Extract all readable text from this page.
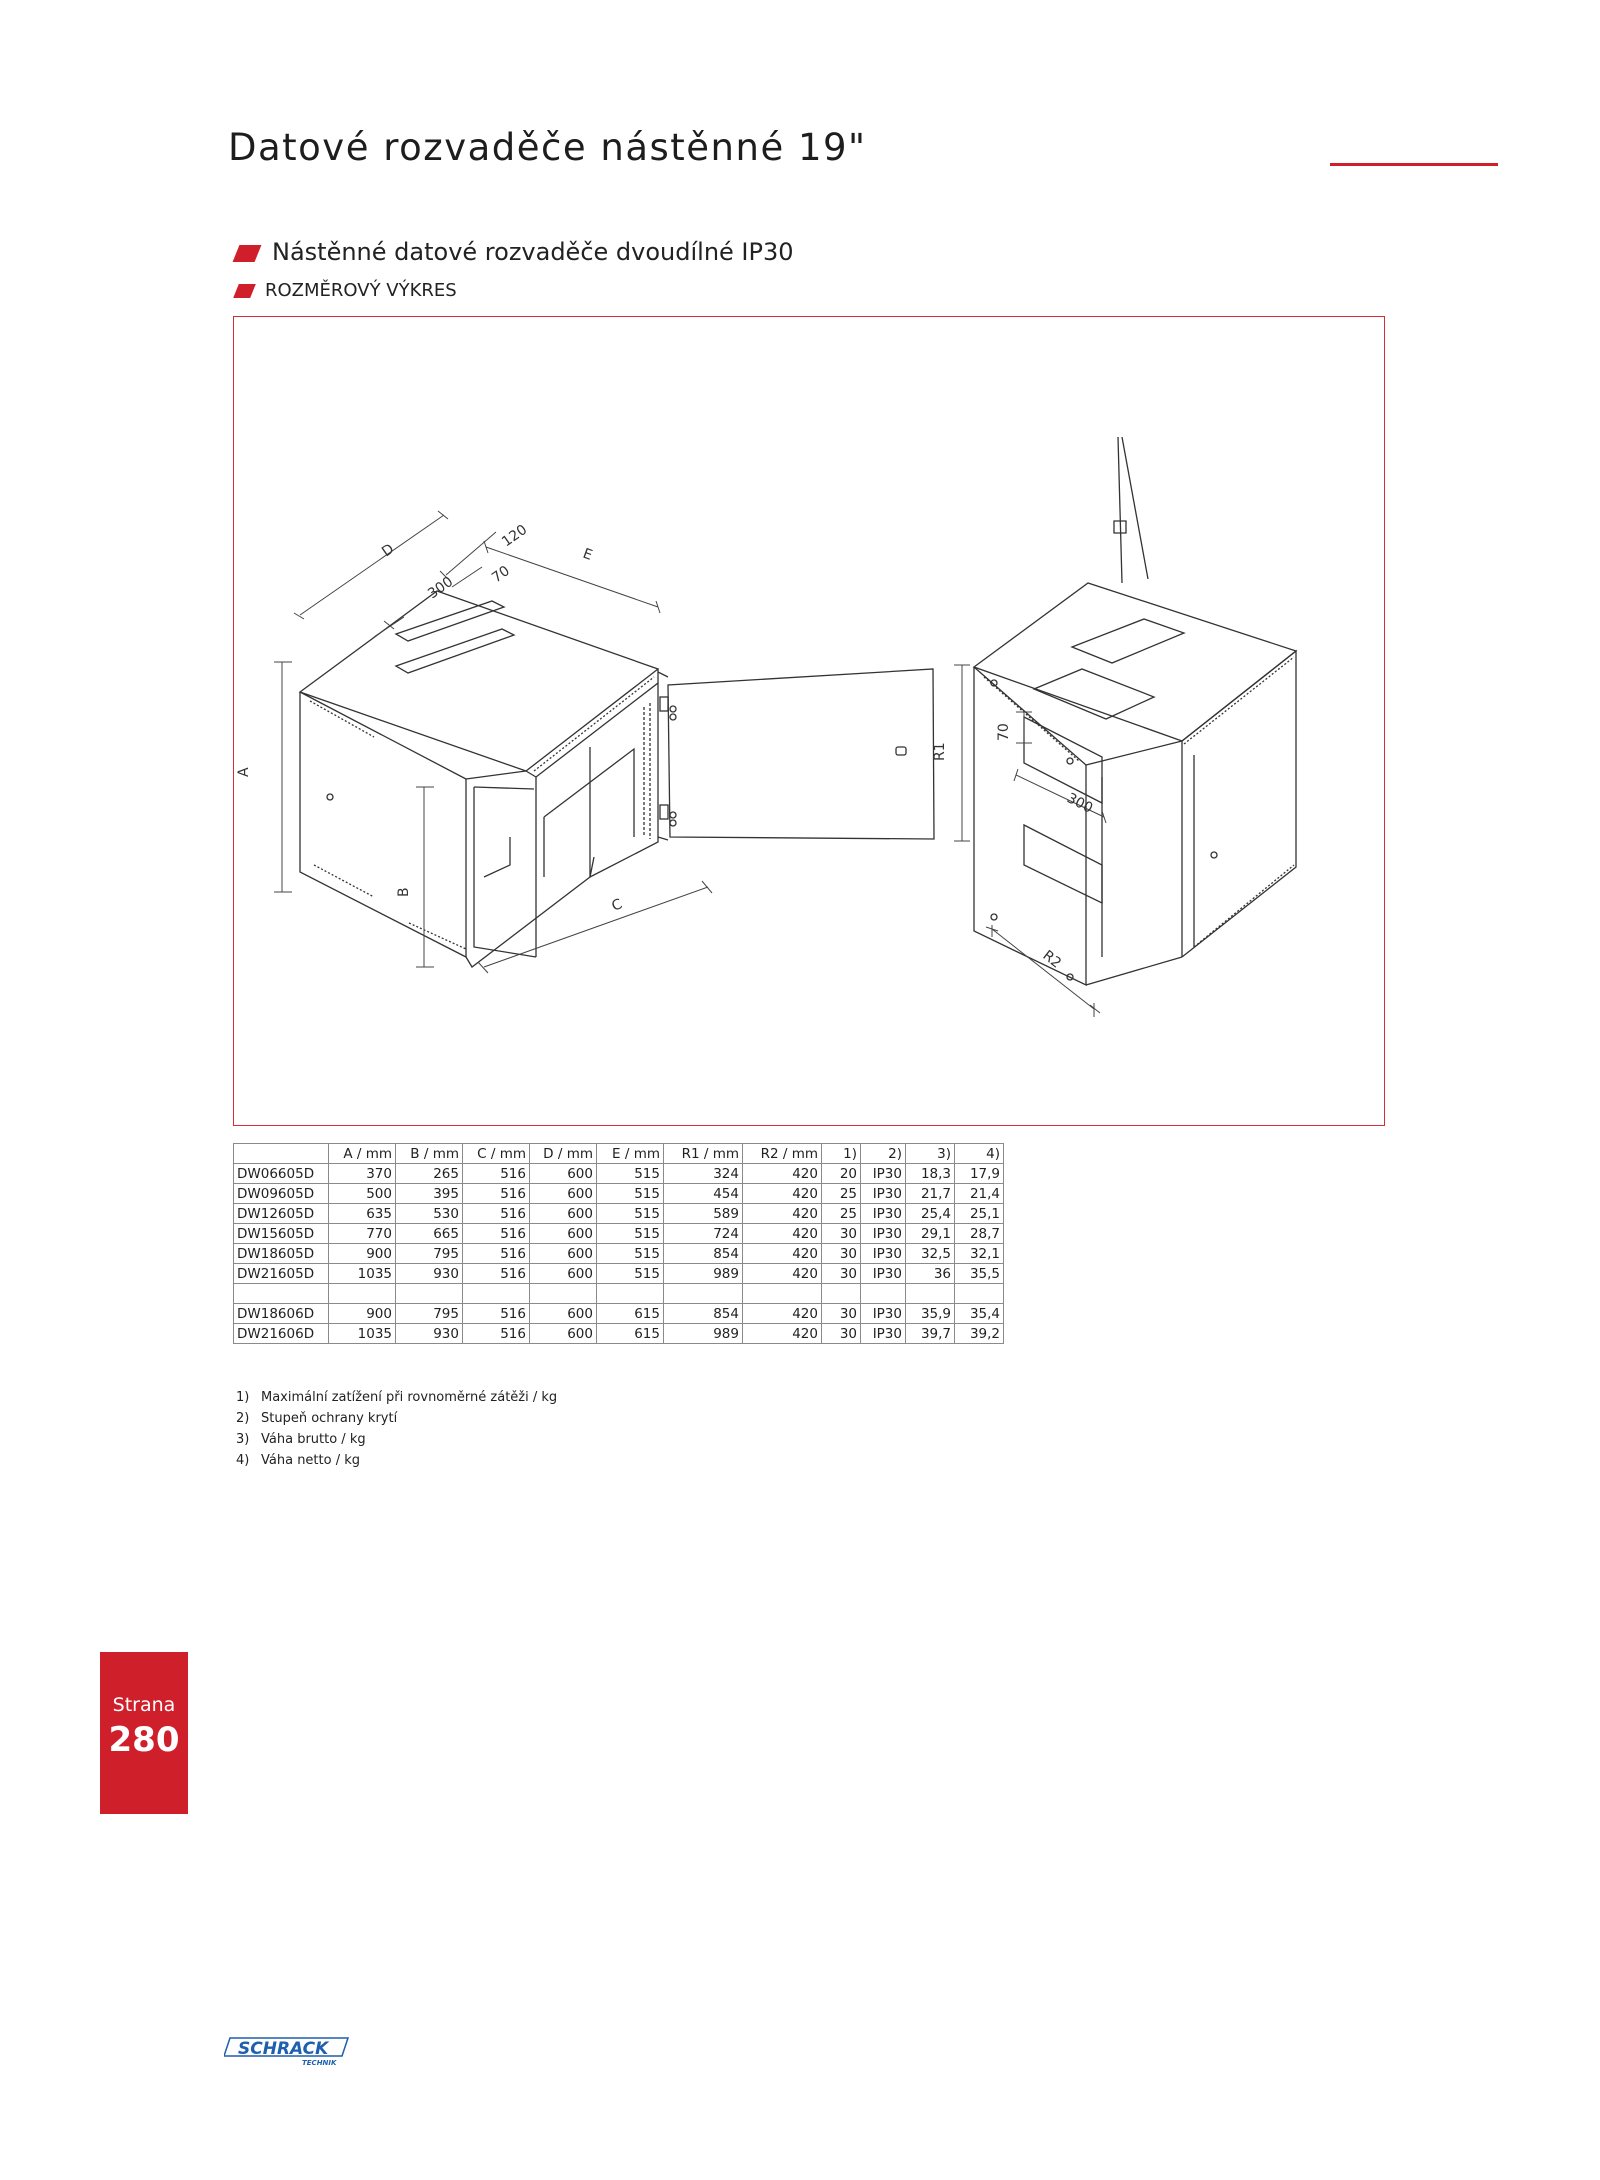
Datové rozvaděče nástěnné 19"
Nástěnné datové rozvaděče dvoudílné IP30
ROZMĚROVÝ VÝKRES
A
B
C
D	E
300
120
70
R1
R2
70
300
	A / mm	B / mm	C / mm	D / mm	E / mm	R1 / mm	R2 / mm	1)	2)	3)	4)
DW06605D	370	265	516	600	515	324	420	20	IP30	18,3	17,9
DW09605D	500	395	516	600	515	454	420	25	IP30	21,7	21,4
DW12605D	635	530	516	600	515	589	420	25	IP30	25,4	25,1
DW15605D	770	665	516	600	515	724	420	30	IP30	29,1	28,7
DW18605D	900	795	516	600	515	854	420	30	IP30	32,5	32,1
DW21605D	1035	930	516	600	515	989	420	30	IP30	36	35,5

DW18606D	900	795	516	600	615	854	420	30	IP30	35,9	35,4
DW21606D	1035	930	516	600	615	989	420	30	IP30	39,7	39,2
1) Maximální zatížení při rovnoměrné zátěži / kg
2) Stupeň ochrany krytí
3) Váha brutto / kg
4) Váha netto / kg
Strana
280
SCHRACK
TECHNIK
